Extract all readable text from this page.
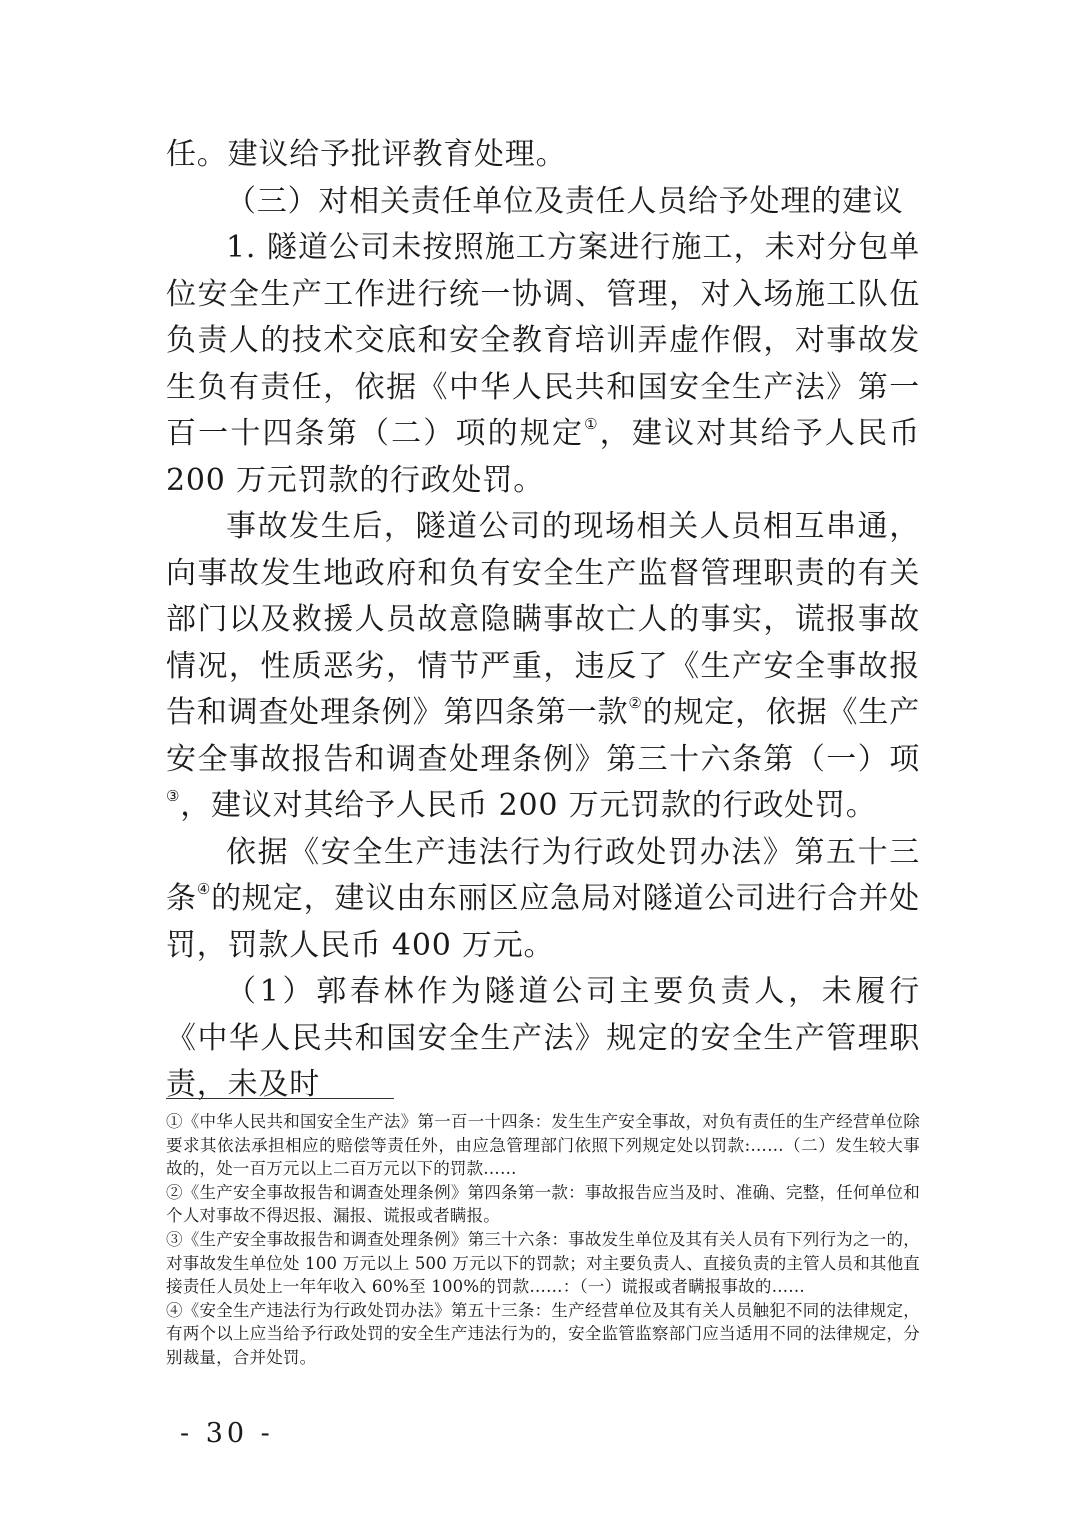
任。建议给予批评教育处理。

（三）对相关责任单位及责任人员给予处理的建议

1. 隧道公司未按照施工方案进行施工，未对分包单位安全生产工作进行统一协调、管理，对入场施工队伍负责人的技术交底和安全教育培训弄虚作假，对事故发生负有责任，依据《中华人民共和国安全生产法》第一百一十四条第（二）项的规定①，建议对其给予人民币 200 万元罚款的行政处罚。

事故发生后，隧道公司的现场相关人员相互串通，向事故发生地政府和负有安全生产监督管理职责的有关部门以及救援人员故意隐瞒事故亡人的事实，谎报事故情况，性质恶劣，情节严重，违反了《生产安全事故报告和调查处理条例》第四条第一款②的规定，依据《生产安全事故报告和调查处理条例》第三十六条第（一）项③，建议对其给予人民币 200 万元罚款的行政处罚。

依据《安全生产违法行为行政处罚办法》第五十三条④的规定，建议由东丽区应急局对隧道公司进行合并处罚，罚款人民币 400 万元。

（1）郭春林作为隧道公司主要负责人，未履行《中华人民共和国安全生产法》规定的安全生产管理职责，未及时

①《中华人民共和国安全生产法》第一百一十四条：发生生产安全事故，对负有责任的生产经营单位除要求其依法承担相应的赔偿等责任外，由应急管理部门依照下列规定处以罚款:……（二）发生较大事故的，处一百万元以上二百万元以下的罚款……

②《生产安全事故报告和调查处理条例》第四条第一款：事故报告应当及时、准确、完整，任何单位和个人对事故不得迟报、漏报、谎报或者瞒报。

③《生产安全事故报告和调查处理条例》第三十六条：事故发生单位及其有关人员有下列行为之一的，对事故发生单位处 100 万元以上 500 万元以下的罚款；对主要负责人、直接负责的主管人员和其他直接责任人员处上一年年收入 60%至 100%的罚款……：（一）谎报或者瞒报事故的……

④《安全生产违法行为行政处罚办法》第五十三条：生产经营单位及其有关人员触犯不同的法律规定，有两个以上应当给予行政处罚的安全生产违法行为的，安全监管监察部门应当适用不同的法律规定，分别裁量，合并处罚。

- 30 -
